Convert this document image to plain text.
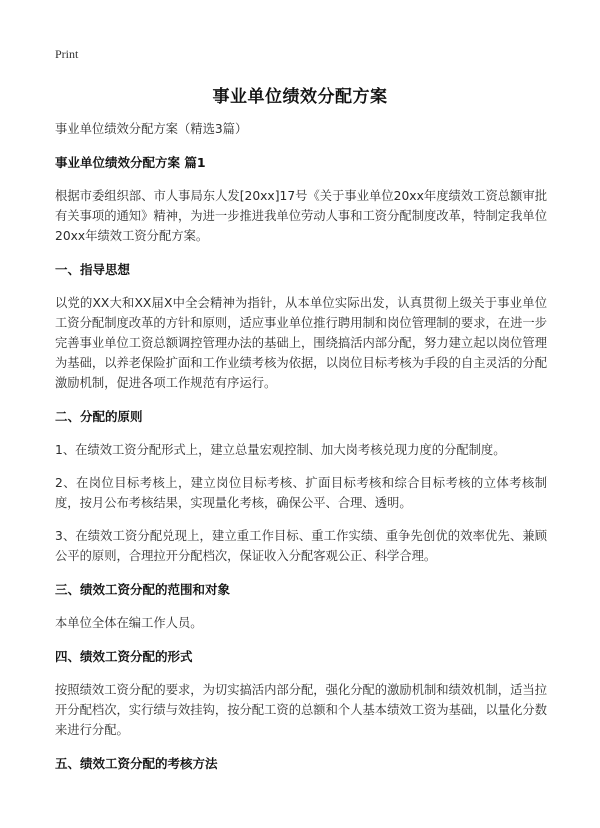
Print
事业单位绩效分配方案

事业单位绩效分配方案（精选3篇）

事业单位绩效分配方案 篇1

根据市委组织部、市人事局东人发[20xx]17号《关于事业单位20xx年度绩效工资总额审批有关事项的通知》精神，为进一步推进我单位劳动人事和工资分配制度改革，特制定我单位20xx年绩效工资分配方案。

一、指导思想

以党的XX大和XX届X中全会精神为指针，从本单位实际出发，认真贯彻上级关于事业单位工资分配制度改革的方针和原则，适应事业单位推行聘用制和岗位管理制的要求，在进一步完善事业单位工资总额调控管理办法的基础上，围绕搞活内部分配，努力建立起以岗位管理为基础，以养老保险扩面和工作业绩考核为依据，以岗位目标考核为手段的自主灵活的分配激励机制，促进各项工作规范有序运行。

二、分配的原则

1、在绩效工资分配形式上，建立总量宏观控制、加大岗考核兑现力度的分配制度。

2、在岗位目标考核上，建立岗位目标考核、扩面目标考核和综合目标考核的立体考核制度，按月公布考核结果，实现量化考核，确保公平、合理、透明。

3、在绩效工资分配兑现上，建立重工作目标、重工作实绩、重争先创优的效率优先、兼顾公平的原则，合理拉开分配档次，保证收入分配客观公正、科学合理。

三、绩效工资分配的范围和对象

本单位全体在编工作人员。

四、绩效工资分配的形式

按照绩效工资分配的要求，为切实搞活内部分配，强化分配的激励机制和绩效机制，适当拉开分配档次，实行绩与效挂钩，按分配工资的总额和个人基本绩效工资为基础，以量化分数来进行分配。

五、绩效工资分配的考核方法
